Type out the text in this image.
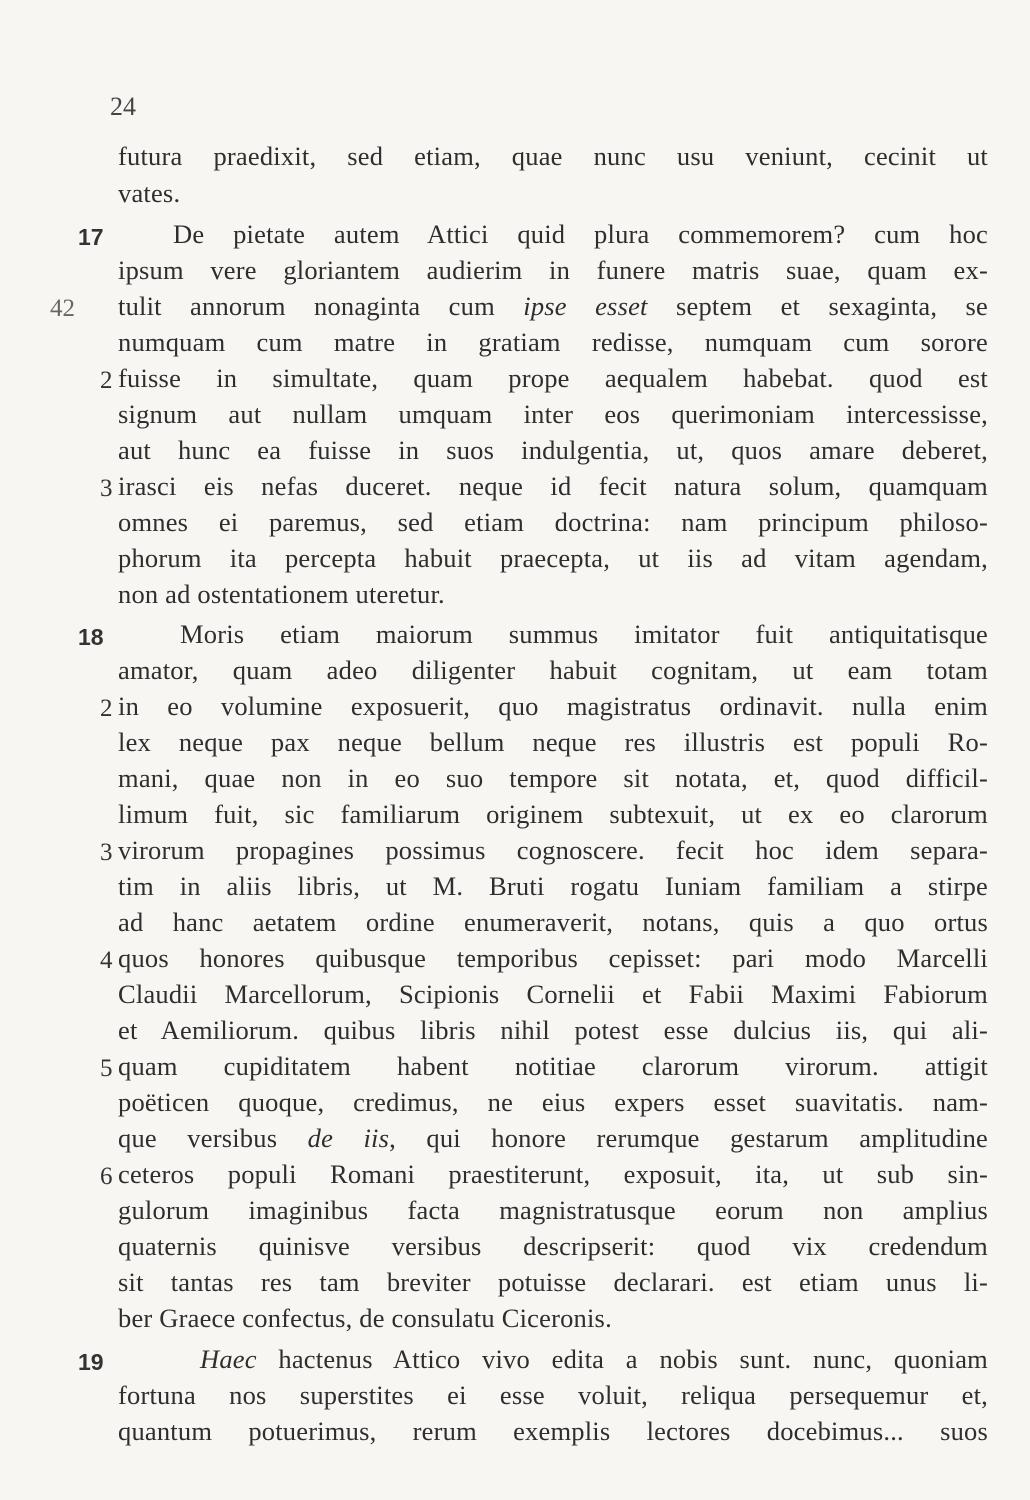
24
futura praedixit, sed etiam, quae nunc usu veniunt, cecinit ut
vates.
De pietate autem Attici quid plura commemorem? cum hoc
ipsum vere gloriantem audierim in funere matris suae, quam ex-
tulit annorum nonaginta cum ipse esset septem et sexaginta, se
numquam cum matre in gratiam redisse, numquam cum sorore
fuisse in simultate, quam prope aequalem habebat. quod est
signum aut nullam umquam inter eos querimoniam intercessisse,
aut hunc ea fuisse in suos indulgentia, ut, quos amare deberet,
irasci eis nefas duceret. neque id fecit natura solum, quamquam
omnes ei paremus, sed etiam doctrina: nam principum philoso-
phorum ita percepta habuit praecepta, ut iis ad vitam agendam,
non ad ostentationem uteretur.
Moris etiam maiorum summus imitator fuit antiquitatisque
amator, quam adeo diligenter habuit cognitam, ut eam totam
in eo volumine exposuerit, quo magistratus ordinavit. nulla enim
lex neque pax neque bellum neque res illustris est populi Ro-
mani, quae non in eo suo tempore sit notata, et, quod difficil-
limum fuit, sic familiarum originem subtexuit, ut ex eo clarorum
virorum propagines possimus cognoscere. fecit hoc idem separa-
tim in aliis libris, ut M. Bruti rogatu Iuniam familiam a stirpe
ad hanc aetatem ordine enumeraverit, notans, quis a quo ortus
quos honores quibusque temporibus cepisset: pari modo Marcelli
Claudii Marcellorum, Scipionis Cornelii et Fabii Maximi Fabiorum
et Aemiliorum. quibus libris nihil potest esse dulcius iis, qui ali-
quam cupiditatem habent notitiae clarorum virorum. attigit
poëticen quoque, credimus, ne eius expers esset suavitatis. nam-
que versibus de iis, qui honore rerumque gestarum amplitudine
ceteros populi Romani praestiterunt, exposuit, ita, ut sub sin-
gulorum imaginibus facta magnistratusque eorum non amplius
quaternis quinisve versibus descripserit: quod vix credendum
sit tantas res tam breviter potuisse declarari. est etiam unus li-
ber Graece confectus, de consulatu Ciceronis.
Haec hactenus Attico vivo edita a nobis sunt. nunc, quoniam
fortuna nos superstites ei esse voluit, reliqua persequemur et,
quantum potuerimus, rerum exemplis lectores docebimus... suos
17
42
2
3
18
2
3
4
5
6
19
